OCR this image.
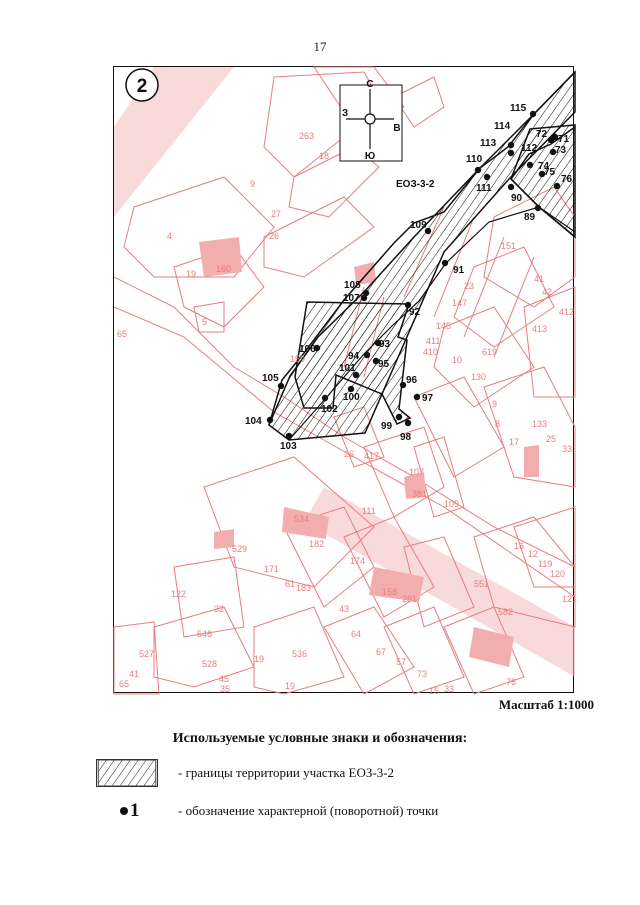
17
С
Ю
З
В
2
ЕОЗ-3-2
115
114
72 71
113 112 73
110
74
75
76
111
90
89
109
91
108
107
92
106	93
94
95
105
101
96
100	97
102
104	99
98
103
263
18
9
27
26
4
19 160
5
65
151
23
147
145
411
410
10
619
130
41
42
412
413
9
8
17
133
25
33
159
26 417
107
381
109
111
534
182
529
171
61
174
183
43
158
261
551
582
16
12
119
120
121
122
32
546
527
41
528
35
19	536
64
67
57
73
76
45
19
65	33
15
Масштаб 1:1000
Используемые условные знаки и обозначения:
- границы территории участка ЕОЗ-3-2
1	- обозначение характерной (поворотной) точки
